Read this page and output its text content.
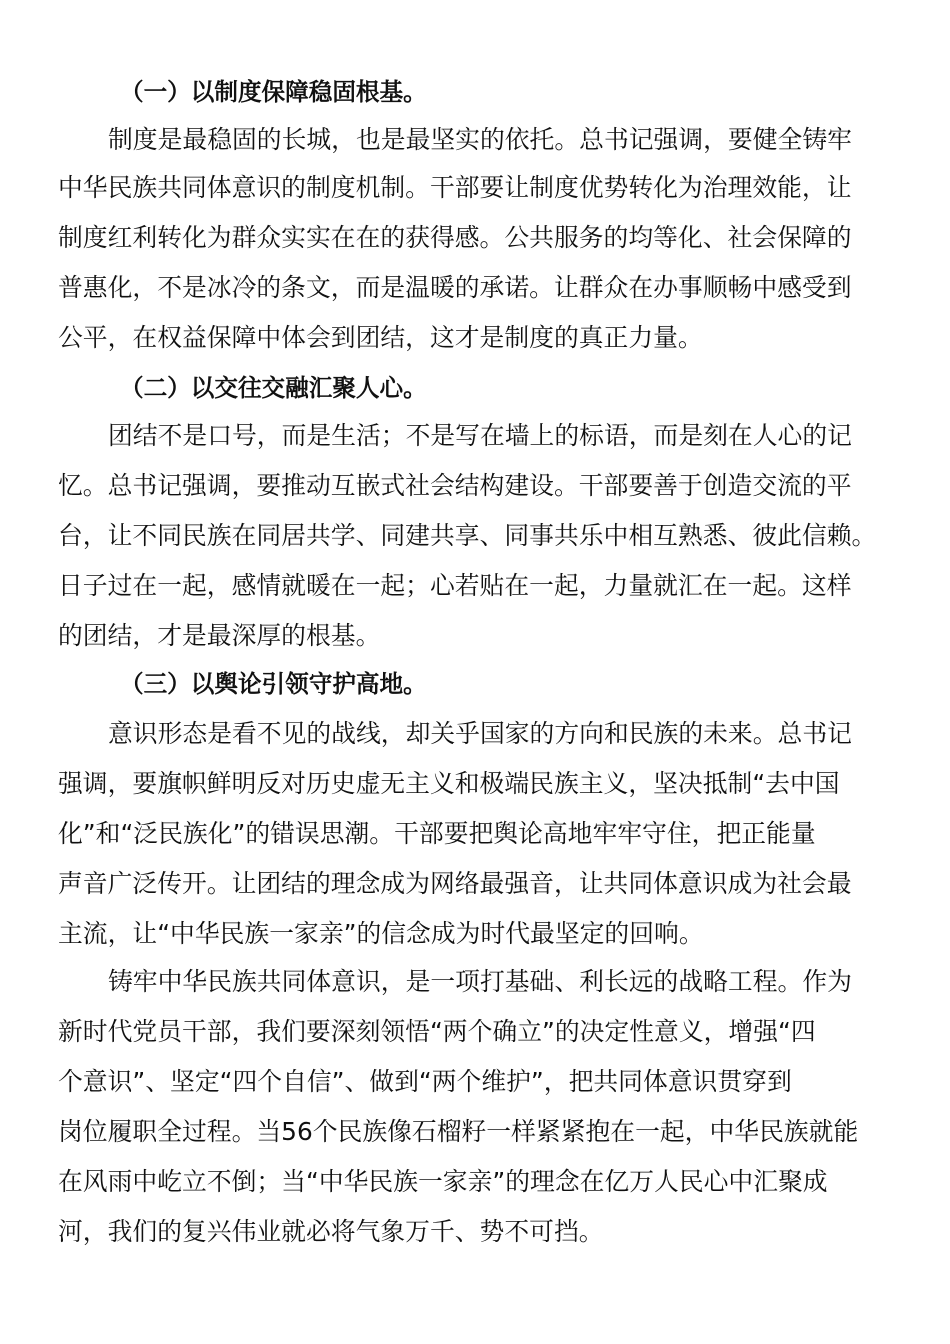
（一）以制度保障稳固根基。
制度是最稳固的长城，也是最坚实的依托。总书记强调，要健全铸牢
中华民族共同体意识的制度机制。干部要让制度优势转化为治理效能，让
制度红利转化为群众实实在在的获得感。公共服务的均等化、社会保障的
普惠化，不是冰冷的条文，而是温暖的承诺。让群众在办事顺畅中感受到
公平，在权益保障中体会到团结，这才是制度的真正力量。
（二）以交往交融汇聚人心。
团结不是口号，而是生活；不是写在墙上的标语，而是刻在人心的记
忆。总书记强调，要推动互嵌式社会结构建设。干部要善于创造交流的平
台，让不同民族在同居共学、同建共享、同事共乐中相互熟悉、彼此信赖。
日子过在一起，感情就暖在一起；心若贴在一起，力量就汇在一起。这样
的团结，才是最深厚的根基。
（三）以舆论引领守护高地。
意识形态是看不见的战线，却关乎国家的方向和民族的未来。总书记
强调，要旗帜鲜明反对历史虚无主义和极端民族主义，坚决抵制“去中国
化”和“泛民族化”的错误思潮。干部要把舆论高地牢牢守住，把正能量
声音广泛传开。让团结的理念成为网络最强音，让共同体意识成为社会最
主流，让“中华民族一家亲”的信念成为时代最坚定的回响。
铸牢中华民族共同体意识，是一项打基础、利长远的战略工程。作为
新时代党员干部，我们要深刻领悟“两个确立”的决定性意义，增强“四
个意识”、坚定“四个自信”、做到“两个维护”，把共同体意识贯穿到
岗位履职全过程。当56个民族像石榴籽一样紧紧抱在一起，中华民族就能
在风雨中屹立不倒；当“中华民族一家亲”的理念在亿万人民心中汇聚成
河，我们的复兴伟业就必将气象万千、势不可挡。
